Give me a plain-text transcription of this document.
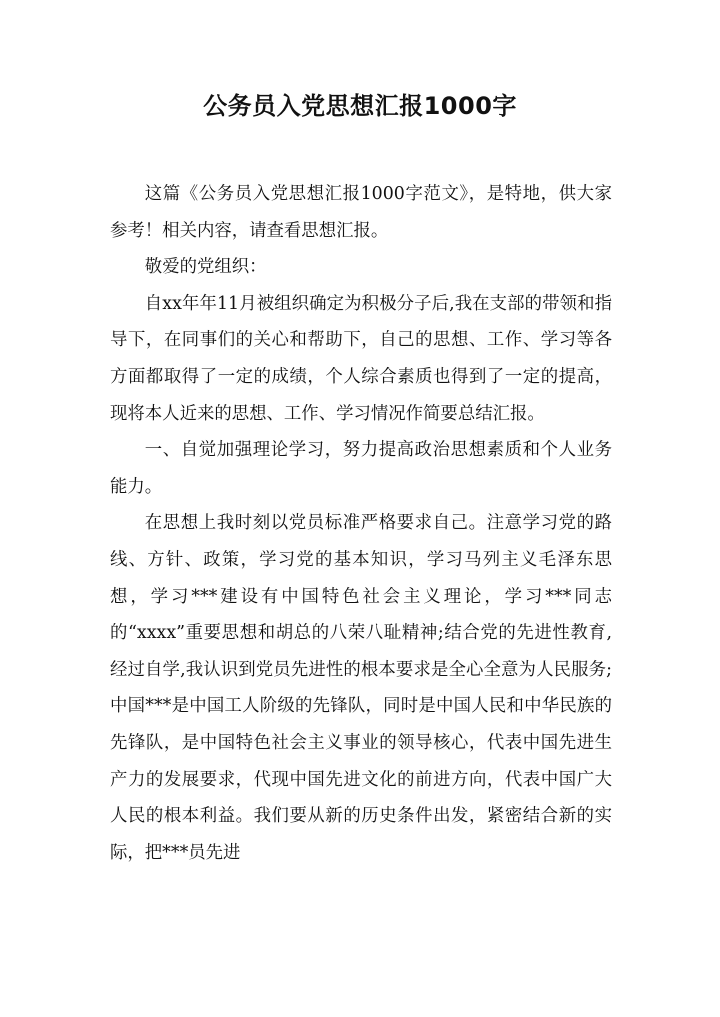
公务员入党思想汇报1000字

这篇《公务员入党思想汇报1000字范文》，是特地，供大家参考！相关内容，请查看思想汇报。

敬爱的党组织：

自xx年年11月被组织确定为积极分子后,我在支部的带领和指导下，在同事们的关心和帮助下，自己的思想、工作、学习等各方面都取得了一定的成绩，个人综合素质也得到了一定的提高，现将本人近来的思想、工作、学习情况作简要总结汇报。

一、自觉加强理论学习，努力提高政治思想素质和个人业务能力。

在思想上我时刻以党员标准严格要求自己。注意学习党的路线、方针、政策，学习党的基本知识，学习马列主义毛泽东思想，学习***建设有中国特色社会主义理论，学习***同志的“xxxx”重要思想和胡总的八荣八耻精神;结合党的先进性教育,经过自学,我认识到党员先进性的根本要求是全心全意为人民服务; 中国***是中国工人阶级的先锋队，同时是中国人民和中华民族的先锋队，是中国特色社会主义事业的领导核心，代表中国先进生产力的发展要求，代现中国先进文化的前进方向，代表中国广大人民的根本利益。我们要从新的历史条件出发，紧密结合新的实际，把***员先进
